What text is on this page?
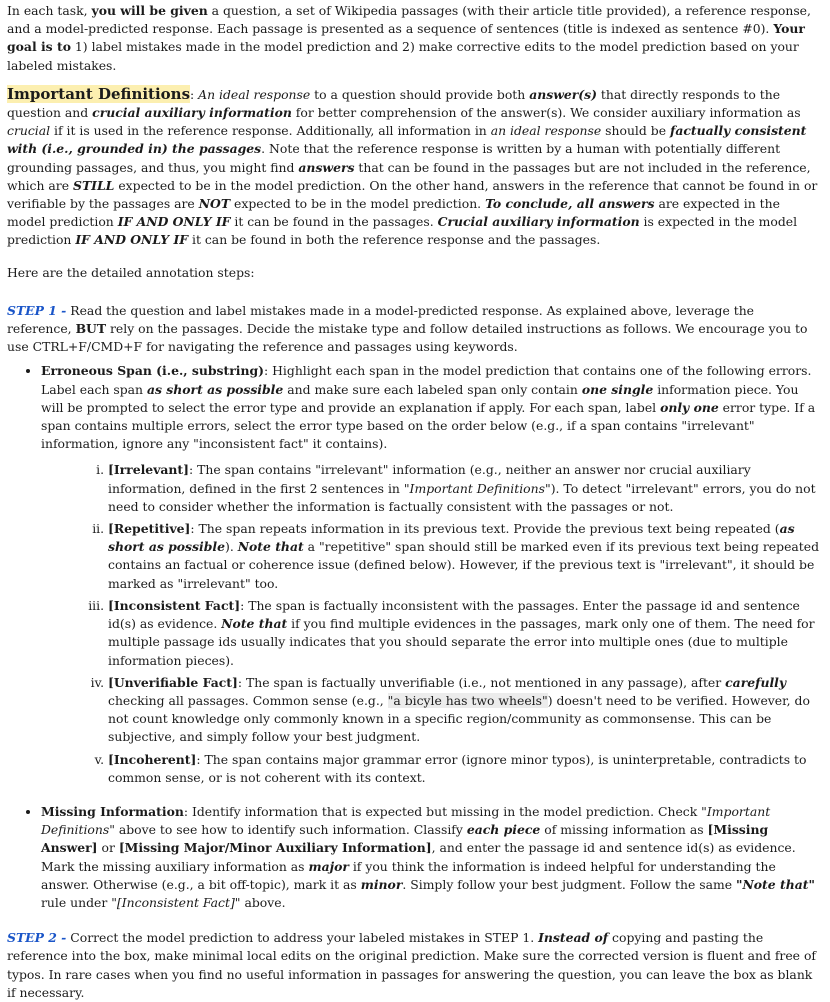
In each task, you will be given a question, a set of Wikipedia passages (with their article title provided), a reference response, and a model-predicted response. Each passage is presented as a sequence of sentences (title is indexed as sentence #0). Your goal is to 1) label mistakes made in the model prediction and 2) make corrective edits to the model prediction based on your labeled mistakes.

Important Definitions: An ideal response to a question should provide both answer(s) that directly responds to the question and crucial auxiliary information for better comprehension of the answer(s). We consider auxiliary information as crucial if it is used in the reference response. Additionally, all information in an ideal response should be factually consistent with (i.e., grounded in) the passages. Note that the reference response is written by a human with potentially different grounding passages, and thus, you might find answers that can be found in the passages but are not included in the reference, which are STILL expected to be in the model prediction. On the other hand, answers in the reference that cannot be found in or verifiable by the passages are NOT expected to be in the model prediction. To conclude, all answers are expected in the model prediction IF AND ONLY IF it can be found in the passages. Crucial auxiliary information is expected in the model prediction IF AND ONLY IF it can be found in both the reference response and the passages.

Here are the detailed annotation steps:

STEP 1 - Read the question and label mistakes made in a model-predicted response. As explained above, leverage the reference, BUT rely on the passages. Decide the mistake type and follow detailed instructions as follows. We encourage you to use CTRL+F/CMD+F for navigating the reference and passages using keywords.

• Erroneous Span (i.e., substring): Highlight each span in the model prediction that contains one of the following errors. Label each span as short as possible and make sure each labeled span only contain one single information piece. You will be prompted to select the error type and provide an explanation if apply. For each span, label only one error type. If a span contains multiple errors, select the error type based on the order below (e.g., if a span contains "irrelevant" information, ignore any "inconsistent fact" it contains).
i. [Irrelevant]: The span contains "irrelevant" information (e.g., neither an answer nor crucial auxiliary information, defined in the first 2 sentences in "Important Definitions"). To detect "irrelevant" errors, you do not need to consider whether the information is factually consistent with the passages or not.
ii. [Repetitive]: The span repeats information in its previous text. Provide the previous text being repeated (as short as possible). Note that a "repetitive" span should still be marked even if its previous text being repeated contains an factual or coherence issue (defined below). However, if the previous text is "irrelevant", it should be marked as "irrelevant" too.
iii. [Inconsistent Fact]: The span is factually inconsistent with the passages. Enter the passage id and sentence id(s) as evidence. Note that if you find multiple evidences in the passages, mark only one of them. The need for multiple passage ids usually indicates that you should separate the error into multiple ones (due to multiple information pieces).
iv. [Unverifiable Fact]: The span is factually unverifiable (i.e., not mentioned in any passage), after carefully checking all passages. Common sense (e.g., "a bicyle has two wheels") doesn't need to be verified. However, do not count knowledge only commonly known in a specific region/community as commonsense. This can be subjective, and simply follow your best judgment.
v. [Incoherent]: The span contains major grammar error (ignore minor typos), is uninterpretable, contradicts to common sense, or is not coherent with its context.
• Missing Information: Identify information that is expected but missing in the model prediction. Check "Important Definitions" above to see how to identify such information. Classify each piece of missing information as [Missing Answer] or [Missing Major/Minor Auxiliary Information], and enter the passage id and sentence id(s) as evidence. Mark the missing auxiliary information as major if you think the information is indeed helpful for understanding the answer. Otherwise (e.g., a bit off-topic), mark it as minor. Simply follow your best judgment. Follow the same "Note that" rule under "[Inconsistent Fact]" above.

STEP 2 - Correct the model prediction to address your labeled mistakes in STEP 1. Instead of copying and pasting the reference into the box, make minimal local edits on the original prediction. Make sure the corrected version is fluent and free of typos. In rare cases when you find no useful information in passages for answering the question, you can leave the box as blank if necessary.
